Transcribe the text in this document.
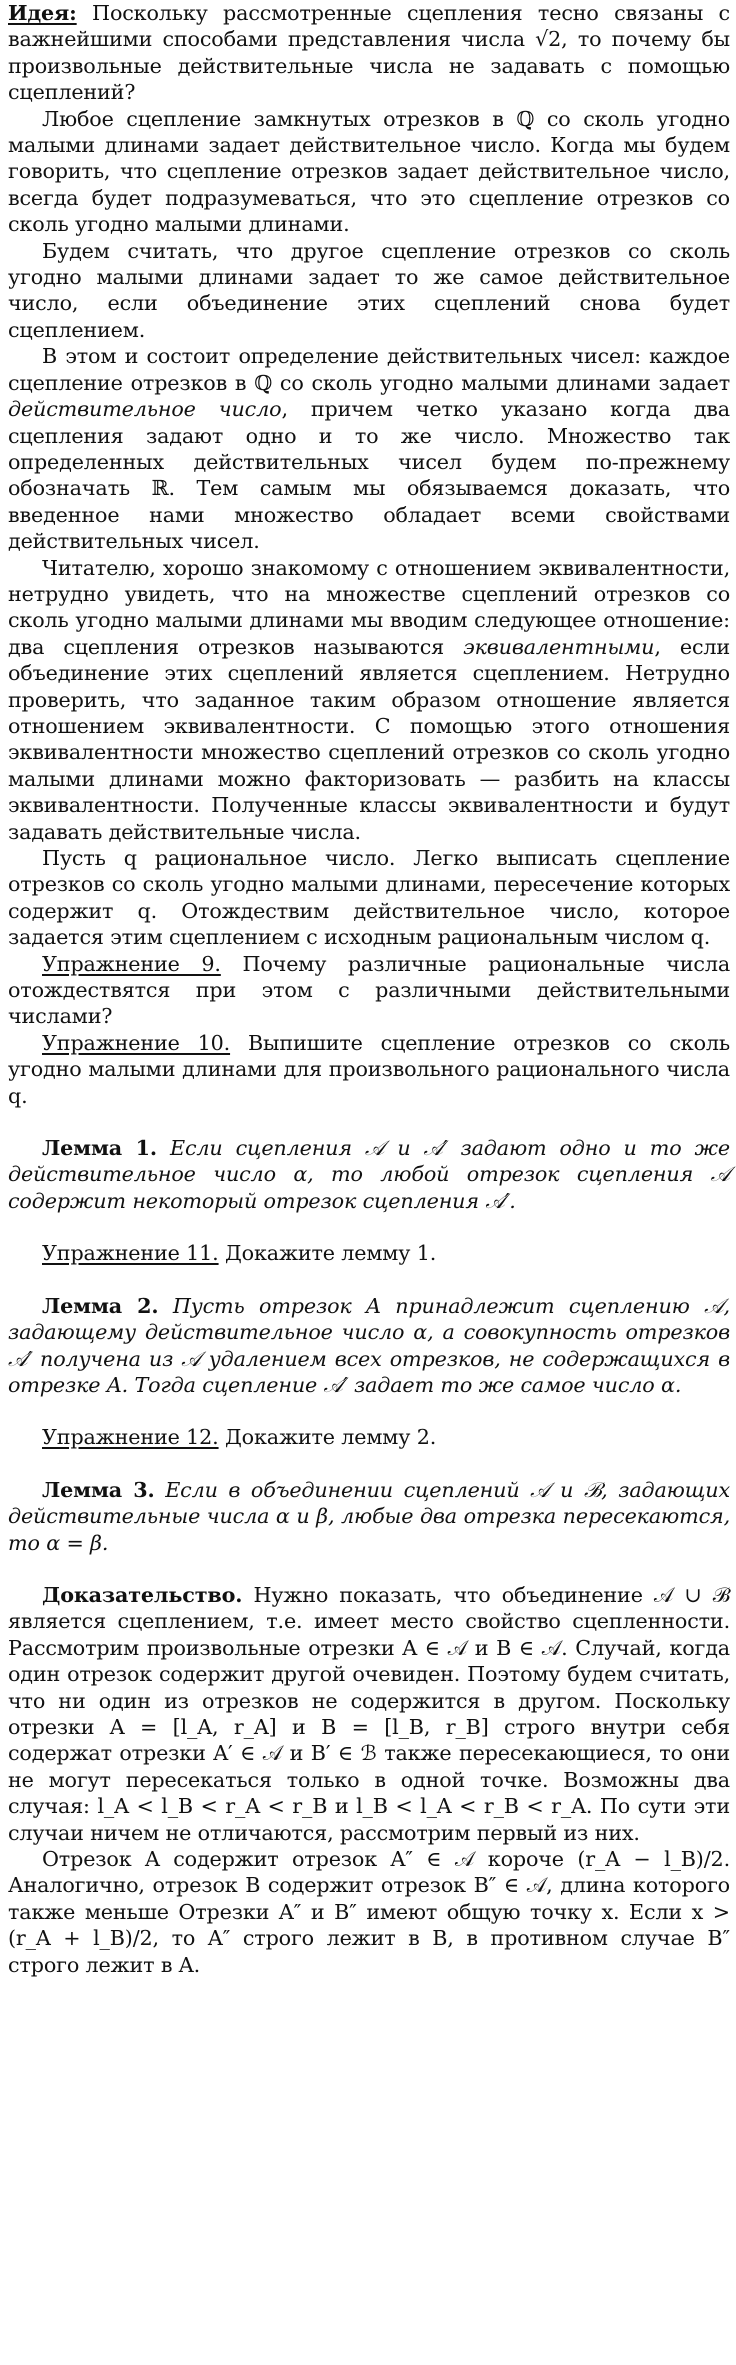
Идея: Поскольку рассмотренные сцепления тесно связаны с важнейшими способами представления числа √2, то почему бы произвольные действительные числа не задавать с помощью сцеплений?

Любое сцепление замкнутых отрезков в ℚ со сколь угодно малыми длинами задает действительное число. Когда мы будем говорить, что сцепление отрезков задает действительное число, всегда будет подразумеваться, что это сцепление отрезков со сколь угодно малыми длинами.

Будем считать, что другое сцепление отрезков со сколь угодно малыми длинами задает то же самое действительное число, если объединение этих сцеплений снова будет сцеплением.

В этом и состоит определение действительных чисел: каждое сцепление отрезков в ℚ со сколь угодно малыми длинами задает действительное число, причем четко указано когда два сцепления задают одно и то же число. Множество так определенных действительных чисел будем по-прежнему обозначать ℝ. Тем самым мы обязываемся доказать, что введенное нами множество обладает всеми свойствами действительных чисел.

Читателю, хорошо знакомому с отношением эквивалентности, нетрудно увидеть, что на множестве сцеплений отрезков со сколь угодно малыми длинами мы вводим следующее отношение: два сцепления отрезков называются эквивалентными, если объединение этих сцеплений является сцеплением. Нетрудно проверить, что заданное таким образом отношение является отношением эквивалентности. С помощью этого отношения эквивалентности множество сцеплений отрезков со сколь угодно малыми длинами можно факторизовать — разбить на классы эквивалентности. Полученные классы эквивалентности и будут задавать действительные числа.

Пусть q рациональное число. Легко выписать сцепление отрезков со сколь угодно малыми длинами, пересечение которых содержит q. Отождествим действительное число, которое задается этим сцеплением с исходным рациональным числом q.

Упражнение 9. Почему различные рациональные числа отождествятся при этом с различными действительными числами?

Упражнение 10. Выпишите сцепление отрезков со сколь угодно малыми длинами для произвольного рационального числа q.

Лемма 1. Если сцепления 𝒜 и 𝒜′ задают одно и то же действительное число α, то любой отрезок сцепления 𝒜 содержит некоторый отрезок сцепления 𝒜′.

Упражнение 11. Докажите лемму 1.

Лемма 2. Пусть отрезок A принадлежит сцеплению 𝒜, задающему действительное число α, а совокупность отрезков 𝒜′ получена из 𝒜 удалением всех отрезков, не содержащихся в отрезке A. Тогда сцепление 𝒜′ задает то же самое число α.

Упражнение 12. Докажите лемму 2.

Лемма 3. Если в объединении сцеплений 𝒜 и ℬ, задающих действительные числа α и β, любые два отрезка пересекаются, то α = β.

Доказательство. Нужно показать, что объединение 𝒜 ∪ ℬ является сцеплением, т.е. имеет место свойство сцепленности. Рассмотрим произвольные отрезки A ∈ 𝒜 и B ∈ 𝒜. Случай, когда один отрезок содержит другой очевиден. Поэтому будем считать, что ни один из отрезков не содержится в другом. Поскольку отрезки A = [l_A, r_A] и B = [l_B, r_B] строго внутри себя содержат отрезки A′ ∈ 𝒜 и B′ ∈ ℬ также пересекающиеся, то они не могут пересекаться только в одной точке. Возможны два случая: l_A < l_B < r_A < r_B и l_B < l_A < r_B < r_A. По сути эти случаи ничем не отличаются, рассмотрим первый из них.

Отрезок A содержит отрезок A″ ∈ 𝒜 короче (r_A − l_B)/2. Аналогично, отрезок B содержит отрезок B″ ∈ 𝒜, длина которого также меньше Отрезки A″ и B″ имеют общую точку x. Если x > (r_A + l_B)/2, то A″ строго лежит в B, в противном случае B″ строго лежит в A.
